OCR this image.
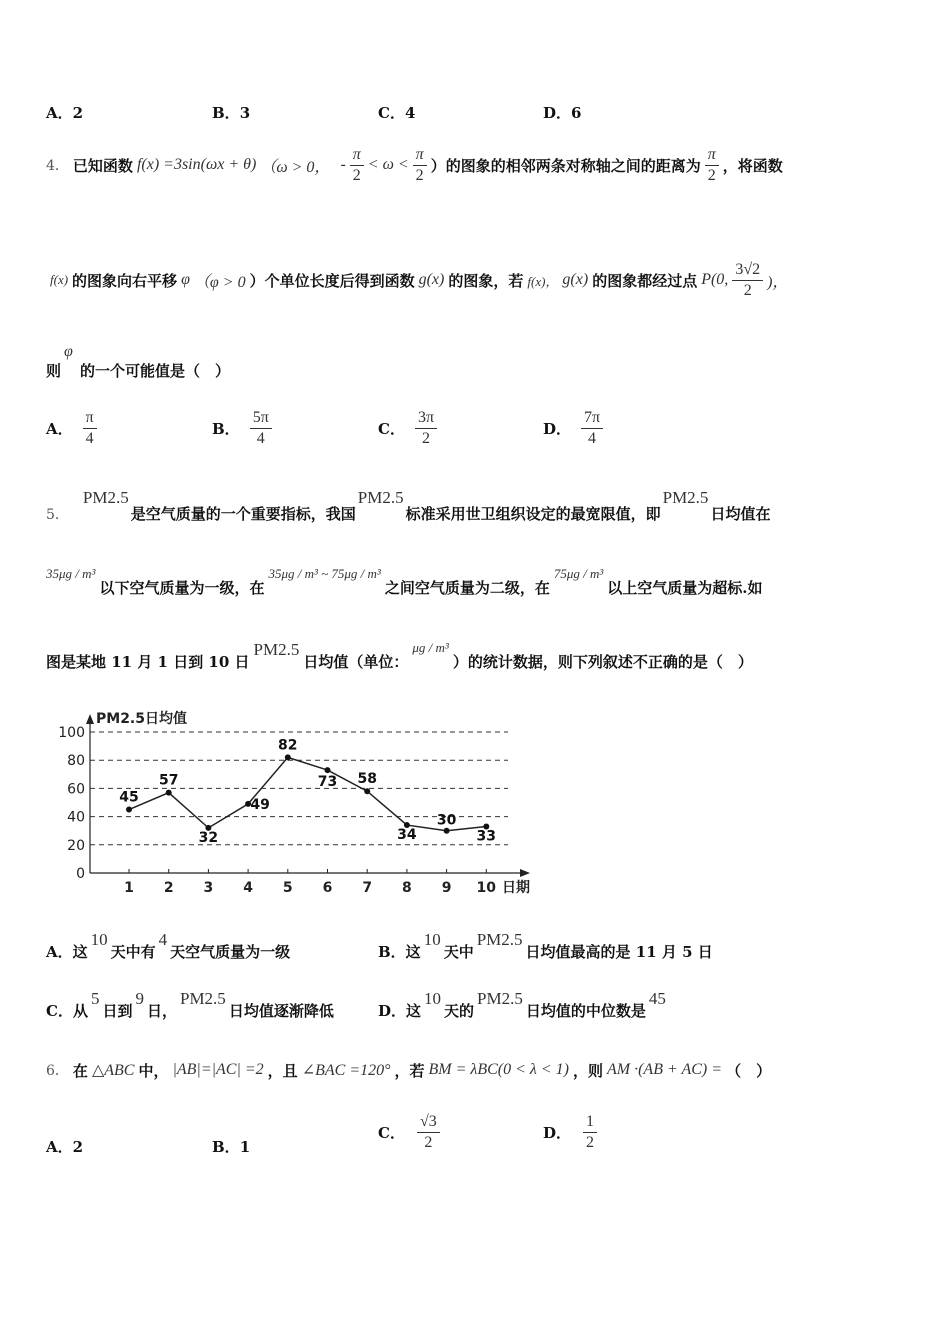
A．2	B．3	C．4	D．6
4． 已知函数 f(x) =3sin(ωx + θ) （ω > 0， - $\frac{\pi}{2} < \omega < \frac{\pi}{2}$ ）的图象的相邻两条对称轴之间的距离为 $\frac{\pi}{2}$ ，将函数
f(x) 的图象向右平移 φ （φ > 0 ）个单位长度后得到函数 g(x) 的图象，若 f(x)， g(x) 的图象都经过点 P(0, $\frac{3√2}{2}$ )，
则
φ
的一个可能值是（　）
A． $\frac{\pi}{4}$	B． $\frac{5\pi}{4}$	C． $\frac{3\pi}{2}$	D． $\frac{7\pi}{4}$
5．
PM2.5
是空气质量的一个重要指标，我国
PM2.5
标准采用世卫组织设定的最宽限值，即
PM2.5
日均值在
35μg / m³
以下空气质量为一级，在
35μg / m³ ~ 75μg / m³
之间空气质量为二级，在
75μg / m³
以上空气质量为超标.如
图是某地 11 月 1 日到 10 日
PM2.5
日均值（单位：
μg / m³
）的统计数据，则下列叙述不正确的是（　）
0
20
40
60
80
100
PM2.5日均值
1 2 3 4 5 6 7 8 9 10 日期
45
57
32
49
82
73 58
34
30
33
A．这
10
天中有
4
天空气质量为一级	B．这
10
天中
PM2.5
日均值最高的是 11 月 5 日
C．从
5
日到
9
日，
PM2.5
日均值逐渐降低	D．这
10
天的
PM2.5
日均值的中位数是
45
6． 在 △ABC 中， |AB|=|AC| =2 ，且 ∠BAC =120° ，若 BM = λBC(0 < λ < 1) ，则 AM ·(AB + AC) = （　）
A．2	B．1
C． $\frac{√3}{2}$	D． $\frac{1}{2}$
